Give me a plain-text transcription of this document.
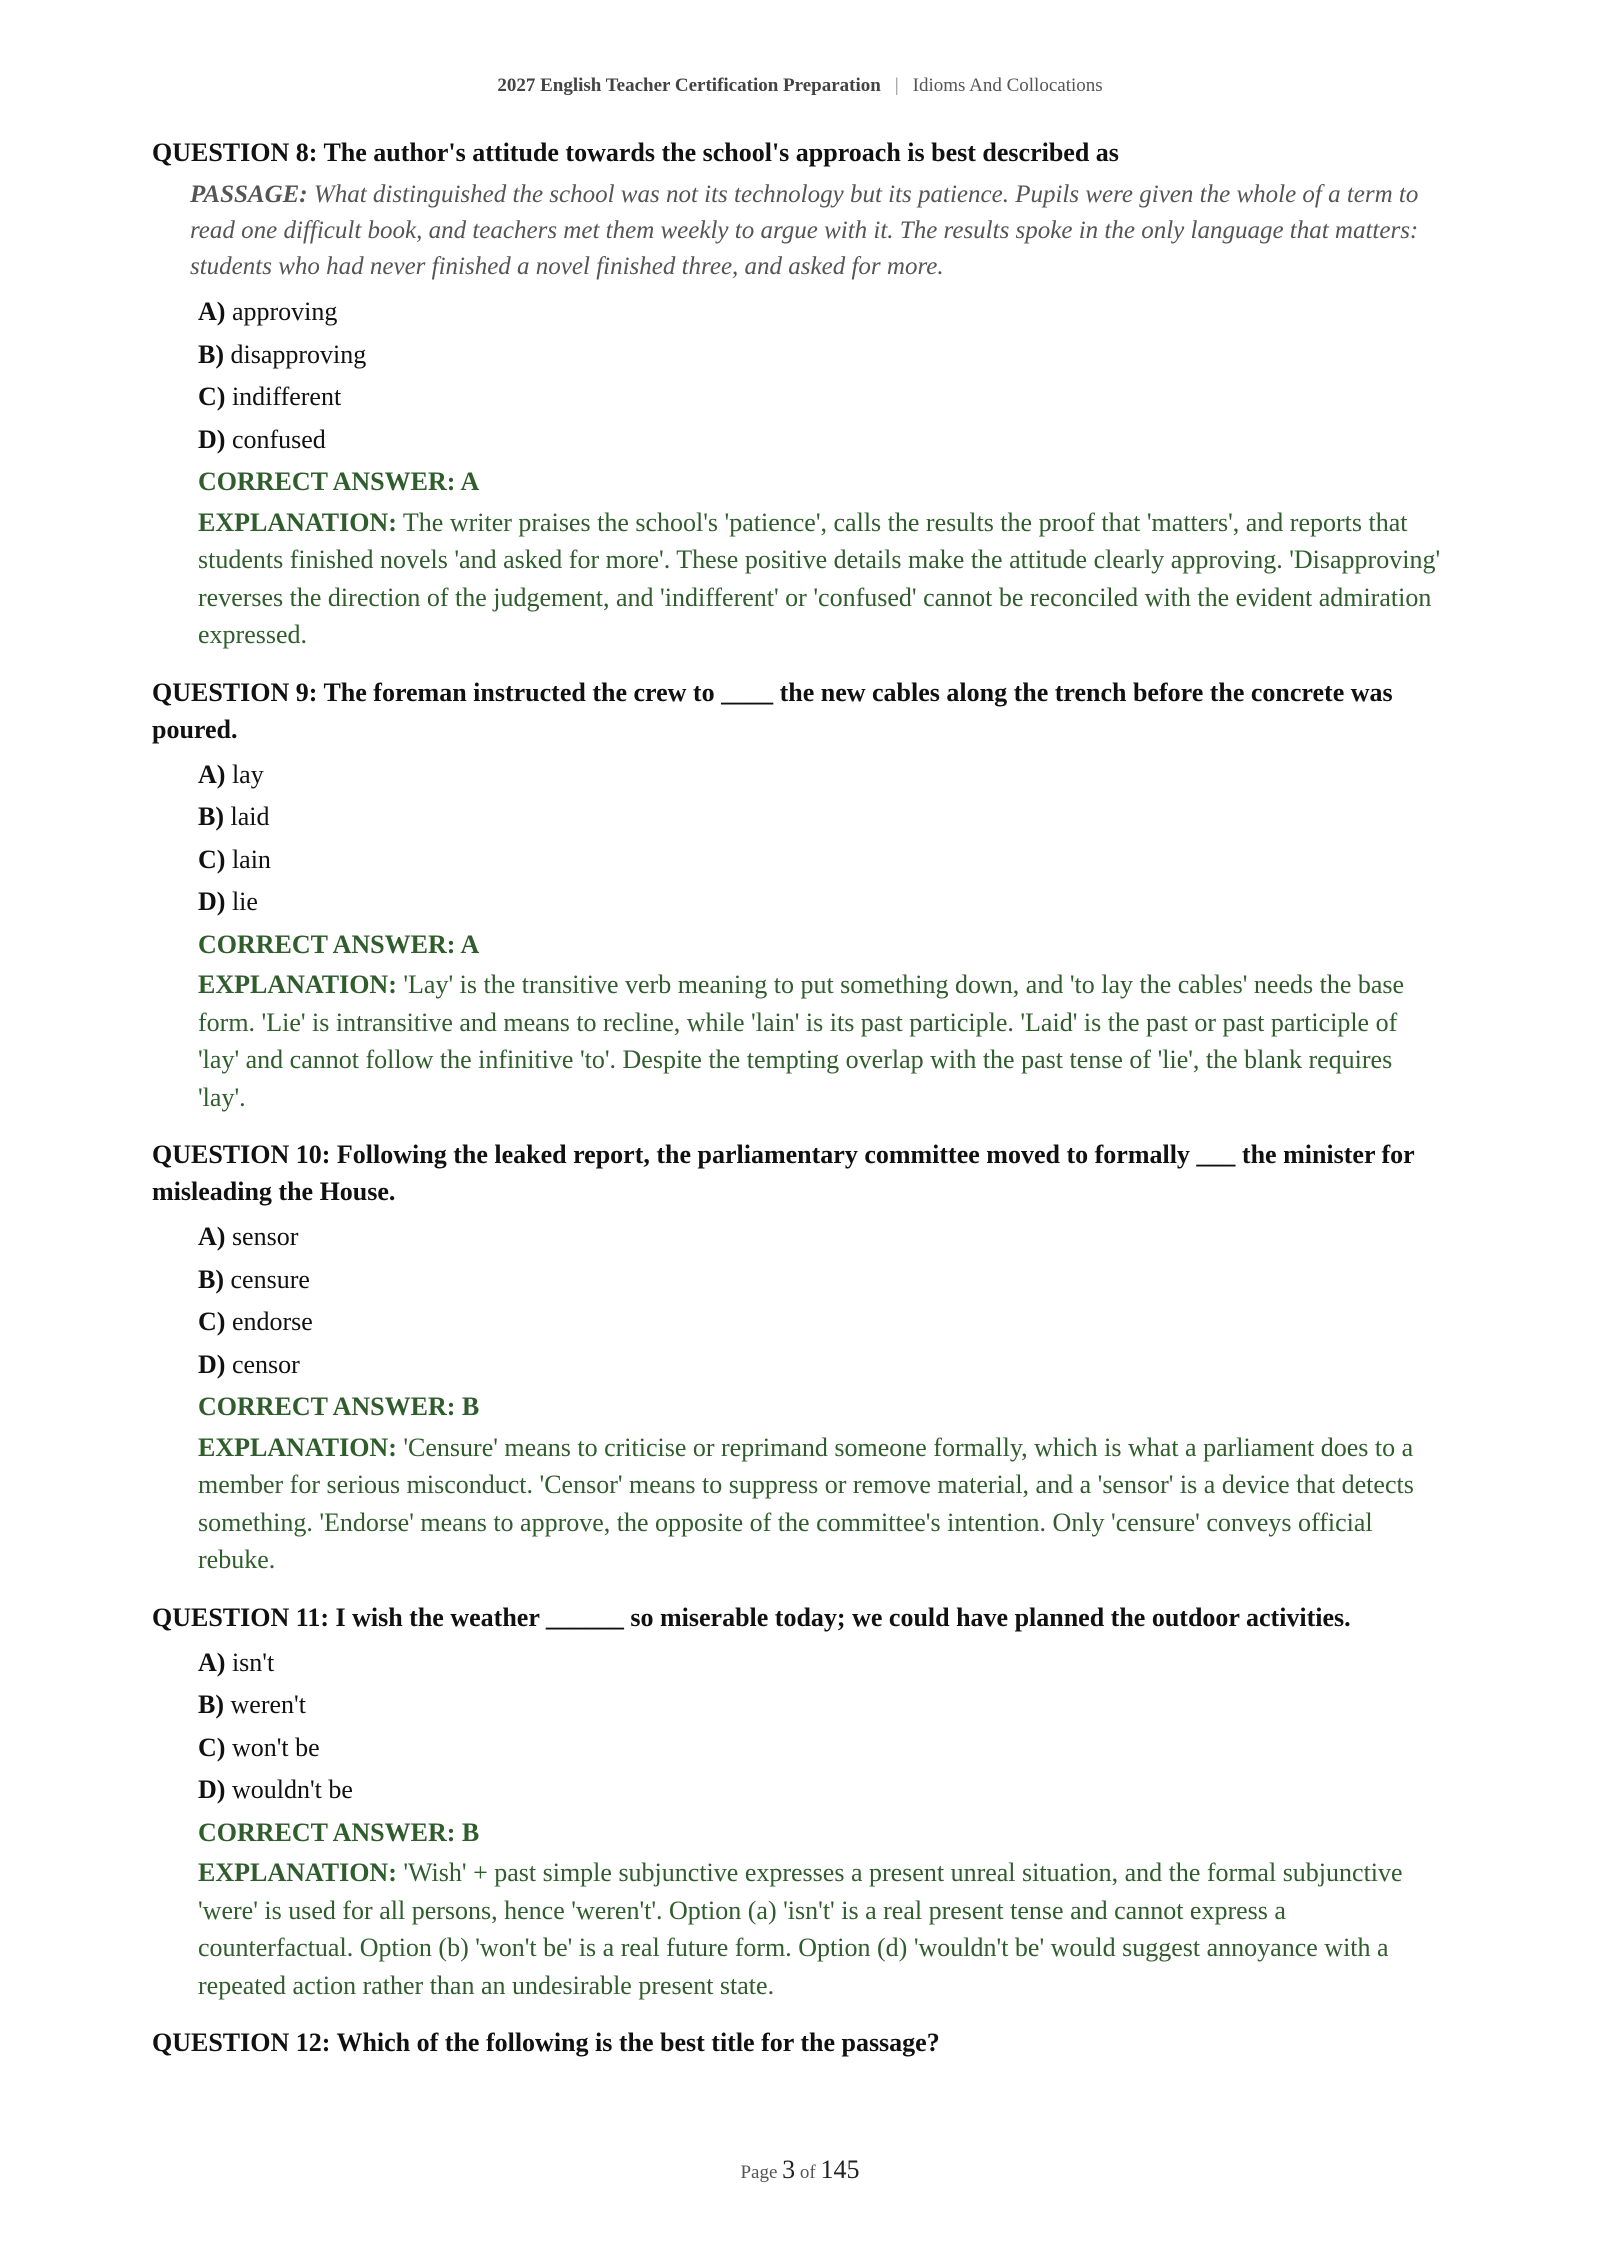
2027 English Teacher Certification Preparation | Idioms And Collocations

QUESTION 8: The author's attitude towards the school's approach is best described as

PASSAGE: What distinguished the school was not its technology but its patience. Pupils were given the whole of a term to read one difficult book, and teachers met them weekly to argue with it. The results spoke in the only language that matters: students who had never finished a novel finished three, and asked for more.
A) approving
B) disapproving
C) indifferent
D) confused
CORRECT ANSWER: A
EXPLANATION: The writer praises the school's 'patience', calls the results the proof that 'matters', and reports that students finished novels 'and asked for more'. These positive details make the attitude clearly approving. 'Disapproving' reverses the direction of the judgement, and 'indifferent' or 'confused' cannot be reconciled with the evident admiration expressed.

QUESTION 9: The foreman instructed the crew to ____ the new cables along the trench before the concrete was poured.

A) lay
B) laid
C) lain
D) lie
CORRECT ANSWER: A
EXPLANATION: 'Lay' is the transitive verb meaning to put something down, and 'to lay the cables' needs the base form. 'Lie' is intransitive and means to recline, while 'lain' is its past participle. 'Laid' is the past or past participle of 'lay' and cannot follow the infinitive 'to'. Despite the tempting overlap with the past tense of 'lie', the blank requires 'lay'.

QUESTION 10: Following the leaked report, the parliamentary committee moved to formally ___ the minister for misleading the House.

A) sensor
B) censure
C) endorse
D) censor
CORRECT ANSWER: B
EXPLANATION: 'Censure' means to criticise or reprimand someone formally, which is what a parliament does to a member for serious misconduct. 'Censor' means to suppress or remove material, and a 'sensor' is a device that detects something. 'Endorse' means to approve, the opposite of the committee's intention. Only 'censure' conveys official rebuke.

QUESTION 11: I wish the weather ______ so miserable today; we could have planned the outdoor activities.

A) isn't
B) weren't
C) won't be
D) wouldn't be
CORRECT ANSWER: B
EXPLANATION: 'Wish' + past simple subjunctive expresses a present unreal situation, and the formal subjunctive 'were' is used for all persons, hence 'weren't'. Option (a) 'isn't' is a real present tense and cannot express a counterfactual. Option (b) 'won't be' is a real future form. Option (d) 'wouldn't be' would suggest annoyance with a repeated action rather than an undesirable present state.

QUESTION 12: Which of the following is the best title for the passage?

Page 3 of 145
